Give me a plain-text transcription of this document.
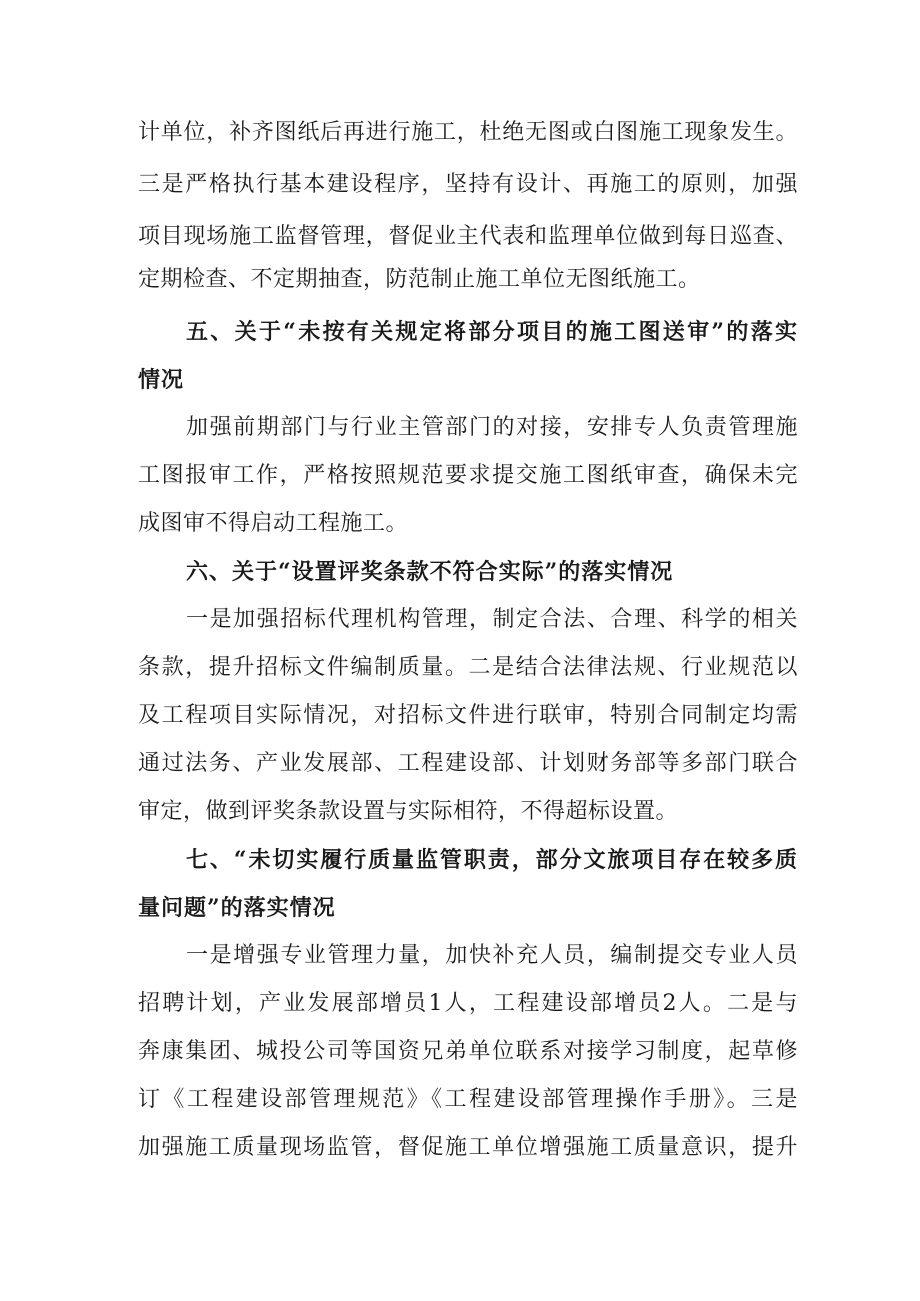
计单位，补齐图纸后再进行施工，杜绝无图或白图施工现象发生。
三是严格执行基本建设程序，坚持有设计、再施工的原则，加强
项目现场施工监督管理，督促业主代表和监理单位做到每日巡查、
定期检查、不定期抽查，防范制止施工单位无图纸施工。
五、关于“未按有关规定将部分项目的施工图送审”的落实
情况
加强前期部门与行业主管部门的对接，安排专人负责管理施
工图报审工作，严格按照规范要求提交施工图纸审查，确保未完
成图审不得启动工程施工。
六、关于“设置评奖条款不符合实际”的落实情况
一是加强招标代理机构管理，制定合法、合理、科学的相关
条款，提升招标文件编制质量。二是结合法律法规、行业规范以
及工程项目实际情况，对招标文件进行联审，特别合同制定均需
通过法务、产业发展部、工程建设部、计划财务部等多部门联合
审定，做到评奖条款设置与实际相符，不得超标设置。
七、“未切实履行质量监管职责，部分文旅项目存在较多质
量问题”的落实情况
一是增强专业管理力量，加快补充人员，编制提交专业人员
招聘计划，产业发展部增员1人，工程建设部增员2人。二是与
奔康集团、城投公司等国资兄弟单位联系对接学习制度，起草修
订《工程建设部管理规范》《工程建设部管理操作手册》。三是
加强施工质量现场监管，督促施工单位增强施工质量意识，提升
